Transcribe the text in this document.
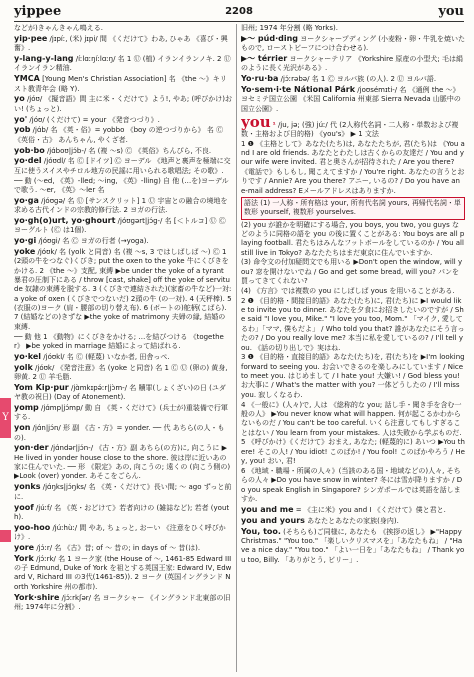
yippee	2208	you
などが)きゃんきゃん鳴える.
yip·pee /jɪpíː, (米) jɪpi/ 間 《くだけて》わあ, ひゃあ 《喜び・興奮》.
y-lang-y-lang /íːlɑːŋíːlɑːŋ/ 名 1 Ⓤ (植) イランイランノキ. 2 Ⓤ イランイラン精油.
YMCA [Young Men's Christian Association] 名 《the ～》キリスト教青年会 (略 Y).
yo /jóʊ/ 《擬音語》間 主に米・くだけて》よう!, やあ; (呼びかけ)おい! (ちょっと).
yo' /jóʊ/ (くだけて) = your 《発音つづり》.
yob /jɑ́b/ 名 《英・俗》= yobbo 《boy の逆つづりから》 名 Ⓒ 《英俗・古》 あんちゃん, やくざ者.
yob·bo /jɑ́boʊ|jɔ́b-/ 名 (複 ～s) Ⓒ 《英俗》ちんぴら, 不良.
yo·del /jóʊdl/ 名 Ⓒ [ドイツ] Ⓒ ヨーデル 《地声と裏声を極端に交互に使うスイスやチロル地方の民謡に用いられる歌唱法; その歌》.
── 動 (～ed, 《英》-lled; ～ing, 《英》-lling) 自 他 (…を)ヨーデルで歌う. ～er, 《英》～ler 名
yo·ga /jóʊɡə/ 名 Ⓤ [サンスクリット] 1 Ⓤ 宇宙との融合の境地を求める古代インドの宗教的修行法. 2 ヨガの行法.
yo·gh(o)urt, yo·ghourt /jóʊɡərt|jɔ́ɡ-/ 名 [＜トルコ] Ⓤ Ⓒ ヨーグルト (Ⓒ は1個).
yo·gi /jóʊɡi/ 名 Ⓒ ヨガの行者 (→yoga).
yoke /jóʊk/ 名 (yolk と同音) 名 (複 ～s, 3 ではしばしば ～) Ⓒ 1 (2頭の牛をつなぐ)くびき; put the oxen to the yoke 牛にくびきをかける. 2 《the ～》支配, 束縛 ▶be under the yoke of a tyrant 暴君の圧制下にある / throw [cast, shake] off the yoke of servitude 奴隷の束縛を脱する. 3 (くびきで連結された)(家畜の牛など)一対: a yoke of oxen (くびきでつないだ) 2頭の牛 (の一対). 4 (天秤棒). 5 (衣服の)ヨーク (肩・腰部の切り替え布). 6 (ボートの)舵柄(こばら). 7 (結婚などの)きずな ▶the yoke of matrimony 夫婦の縁, 結婚の束縛.
── 動 他 1 《動物》にくびきをかける; …を結びつける 《together》 ▶be yoked in marriage 結婚によって結ばれる.
yo·kel /jóʊkl/ 名 Ⓒ (軽蔑) いなか者, 田舎っぺ.
yolk /jóʊk/ 《発音注意》名 (yoke と同音) 名 1 Ⓒ Ⓤ (卵の) 黄身, 卵黄. 2 Ⓤ 羊毛脂.
Yom Kip·pur /jɑ̀mkɪpə́ːr|jɔ̀m-/ 名 贖罪(しょくざい)の日 (ユダヤ教の祝日) (Day of Atonement).
yomp /jɑ́mp|jɔ́mp/ 動 自 《英・くだけて》(兵士が)重装備で行軍する.
yon /jɑ́n|jɔ́n/ 形 副 《古・方》= yonder. ── 代 あちら(の人・もの).
yon·der /jɑ́ndər|jɔ́n-/ 《古・方》副 あちら(の方)に, 向こうに ▶He lived in yonder house close to the shore. 彼は岸に近いあの家に住んでいた. ── 形 《限定》あの, 向こうの; 遠くの (向こう側の) ▶Look (over) yonder. あそこをごらん.
yonks /jɑ́ŋks|jɔ́ŋks/ 名 《英・くだけて》長い間; ～ ago ずっと前に.
yoof /júːf/ 名 《英・おどけて》若者向けの (雑誌など); 若者 (youth).
yoo-hoo /júːhùː/ 間 やあ, ちょっと, おーい 《注意をひく呼びかけ》.
yore /jɔ́ːr/ 名 《古》昔; of ～ 昔の; in days of ～ 昔(は).
York /jɔ́ːrk/ 名 1 ヨーク家 (the House of ～, 1461-85 Edward III の子 Edmund, Duke of York を祖とする英国王家: Edward IV, Edward V, Richard III の3代(1461-85)). 2 ヨーク (英国イングランド North Yorkshire 州の都市).
York·shire /jɔ́ːrkʃər/ 名 ヨークシャー 《イングランド北東部の旧州; 1974年に分割》.
旧州; 1974 年分割 (略 Yorks).
▶～ púd·ding ヨークシャープディング (小麦粉・卵・牛乳を焼いたもので, ローストビーフにつけ合わせる).
▶～ térrier ヨークシャーテリア 《Yorkshire 原産の小型犬; 毛は絹のように長く光沢がある》.
Yo·ru·ba /jɔ́ːrəbə/ 名 1 Ⓒ ヨルバ族 (の人). 2 Ⓤ ヨルバ語.
Yo·sem·i·te Nátional Párk /joʊsémɪti-/ 名 《通例 the ～》ヨセミテ国立公園 《米国 California 州東部 Sierra Nevada 山脈中の国立公園》.
you ¹ /ju, jə; (強) júː/ 代 (2人称代名詞・二人称・単数および複数・主格および目的格) 《you's》 ▶ 1 文法
1 ❶ 《主格として》あなた(たち)は, あなたたちが, 君(たち)は 《You and I are old friends. あなたとわたしは古くからの友達だ / You and your wife were invited. 君と奥さんが招待された / Are you there? 《電話で》もしもし, 聞こえてますか / You're right. あなたの言うとおりです / Annie? Are you there? アニー, いるの? / Do you have an e-mail address? Eメールアドレスはありますか.
語法 (1) 一人称・所有格は your, 所有代名詞 yours, 再帰代名詞・単数形 yourself, 複数形 yourselves.
(2) you が誰かを明確にする場合, you boys, you two, you guys などのように同格の語を you の後に置くことがある: You boys are all playing football. 君たちはみんなフットボールをしているのか / You all still live in Tokyo? あなたたちはまだ東京に住んでいますか.
(3) 命令文の付加疑問文でも用いる ▶Don't open the window, will you? 窓を開けないでね / Go and get some bread, will you? パンを買ってきてくれない?
(4) 《方言》では複数の you にしばしば yous を用いることがある.
2 ❶ 《目的格・間接目的語》あなた(たち)に, 君(たち)に ▶I would like to invite you to dinner. あなたを夕食にお招きしたいのですが / She said "I love you, Mike." "I love you too, Mom." 「マイク, 愛してるわ」「ママ, 僕もだよ」 / Who told you that? 誰があなたにそう言ったの? / Do you really love me? 本当に私を愛しているの? / I'll tell you. 《話の切り出しで》実はね.
3 ❶ 《目的格・直接目的語》あなた(たち)を, 君(たち)を ▶I'm looking forward to seeing you. お会いできるのを楽しみにしています / Nice to meet you. はじめまして / I hate you! 大嫌い! / God bless you! お大事に / What's the matter with you? 一体どうしたの / I'll miss you. 寂しくなるわ.
4 《一般に》(人々)で, 人は 《総称的な you; 話し手・聞き手を含む一般の人》 ▶You never know what will happen. 何が起こるかわからないものだ / You can't be too careful. いくら注意してもしすぎることはない / You learn from your mistakes. 人は失敗から学ぶものだ.
5 《呼びかけ》《くだけて》おまえ, あなた; (軽蔑的に) あいつ ▶You there! そこの人! / You idiot! このばか! / You fool! このばかやろう / Hey, you! おい, 君!
6 《地域・職場・所属の人々》(当該のある国・地域などの)人々, そちらの人々 ▶Do you have snow in winter? 冬には雪が降りますか / Do you speak English in Singapore? シンガポールでは英語を話しますか.
you and me = 《主に米》you and I 《くだけて》僕と君と.
you and yours あなたとあなたの家族(身内).
You, too. (そちらも)ご同様に, あなたも 《挨拶の返し》 ▶"Happy Christmas." "You too." 「楽しいクリスマスを」「あなたもね」 / "Have a nice day." "You too." 「よい一日を」「あなたもね」 / Thank you too, Billy. 「ありがとう, ビリー」.
Y
